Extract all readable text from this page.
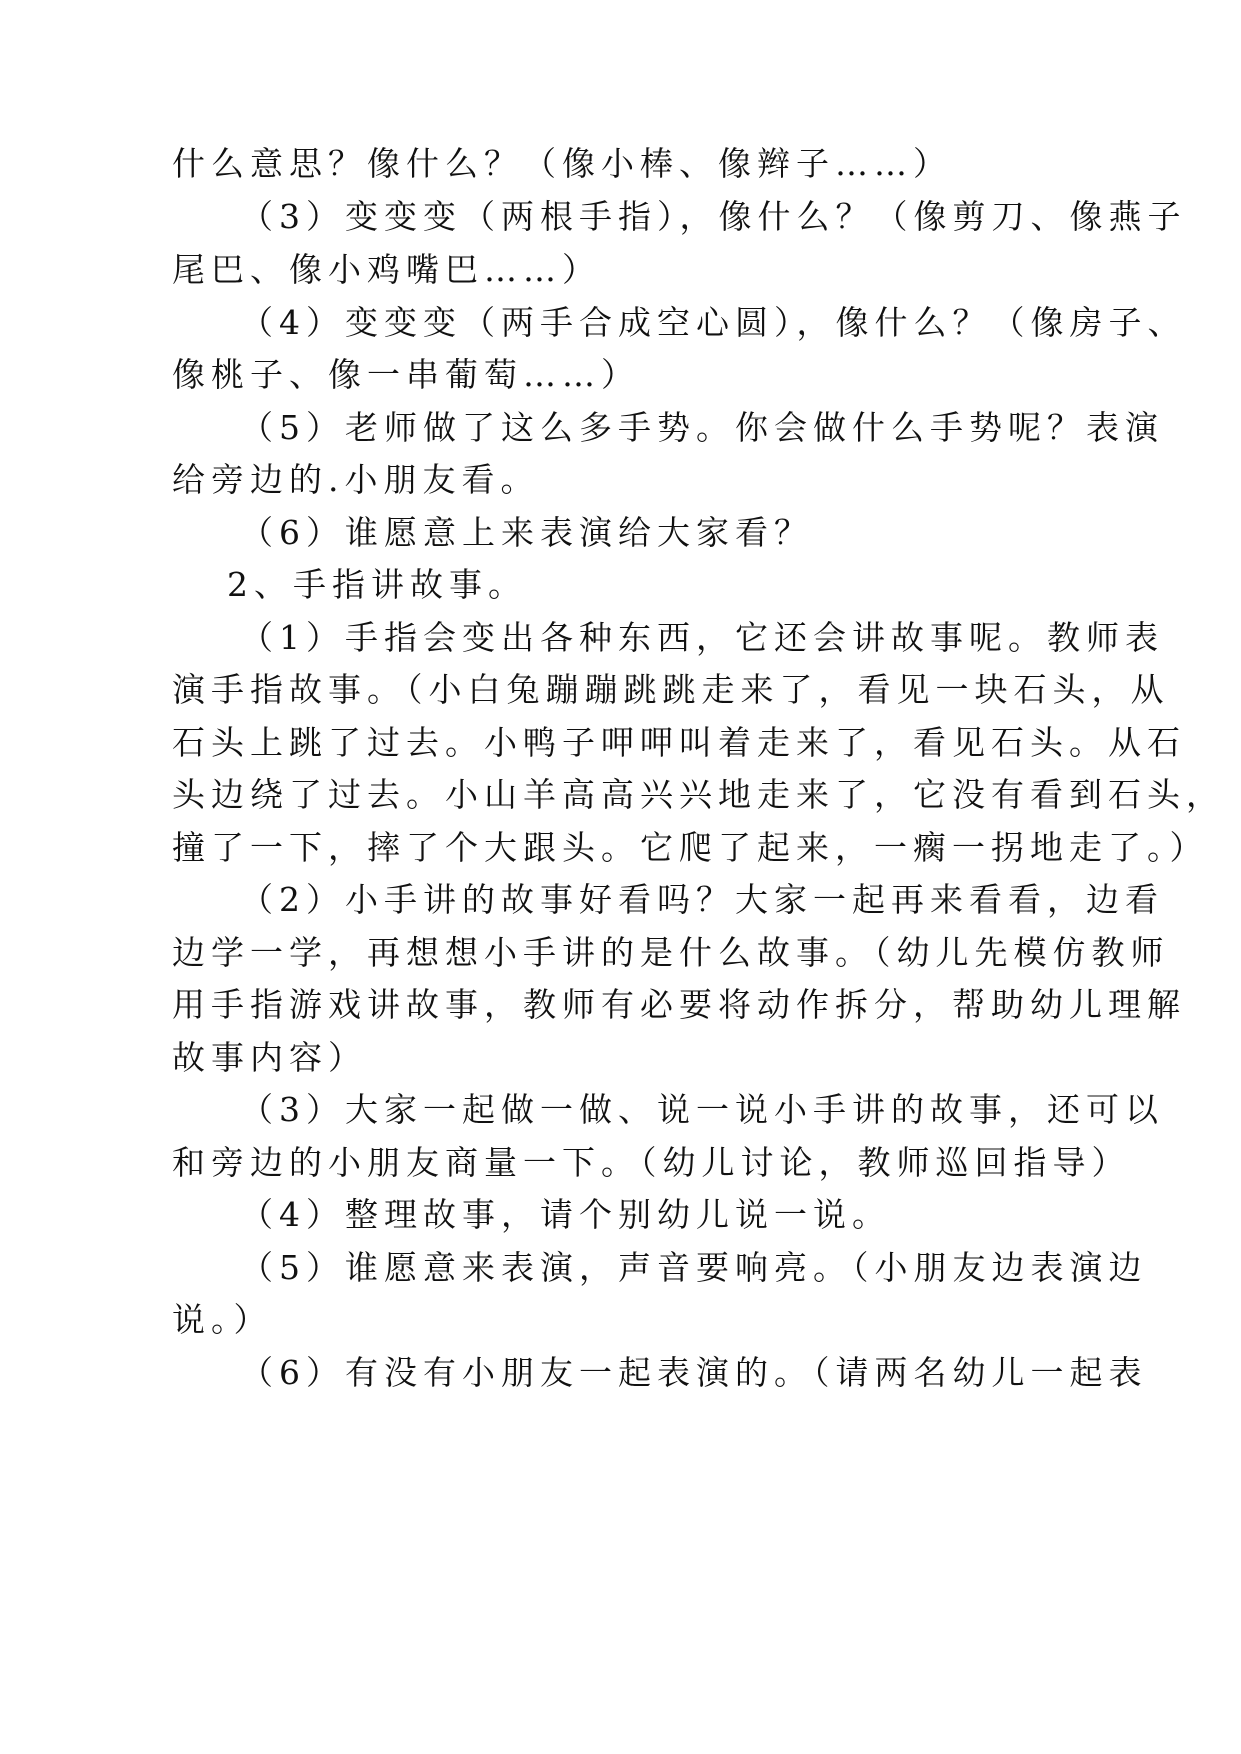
什么意思？像什么？（像小棒、像辫子……）
（3）变变变（两根手指），像什么？（像剪刀、像燕子
尾巴、像小鸡嘴巴……）
（4）变变变（两手合成空心圆），像什么？（像房子、
像桃子、像一串葡萄……）
（5）老师做了这么多手势。你会做什么手势呢？表演
给旁边的.小朋友看。
（6）谁愿意上来表演给大家看？
2、手指讲故事。
（1）手指会变出各种东西，它还会讲故事呢。教师表
演手指故事。（小白兔蹦蹦跳跳走来了，看见一块石头，从
石头上跳了过去。小鸭子呷呷叫着走来了，看见石头。从石
头边绕了过去。小山羊高高兴兴地走来了，它没有看到石头，
撞了一下，摔了个大跟头。它爬了起来，一瘸一拐地走了。）
（2）小手讲的故事好看吗？大家一起再来看看，边看
边学一学，再想想小手讲的是什么故事。（幼儿先模仿教师
用手指游戏讲故事，教师有必要将动作拆分，帮助幼儿理解
故事内容）
（3）大家一起做一做、说一说小手讲的故事，还可以
和旁边的小朋友商量一下。（幼儿讨论，教师巡回指导）
（4）整理故事，请个别幼儿说一说。
（5）谁愿意来表演，声音要响亮。（小朋友边表演边
说。）
（6）有没有小朋友一起表演的。（请两名幼儿一起表
